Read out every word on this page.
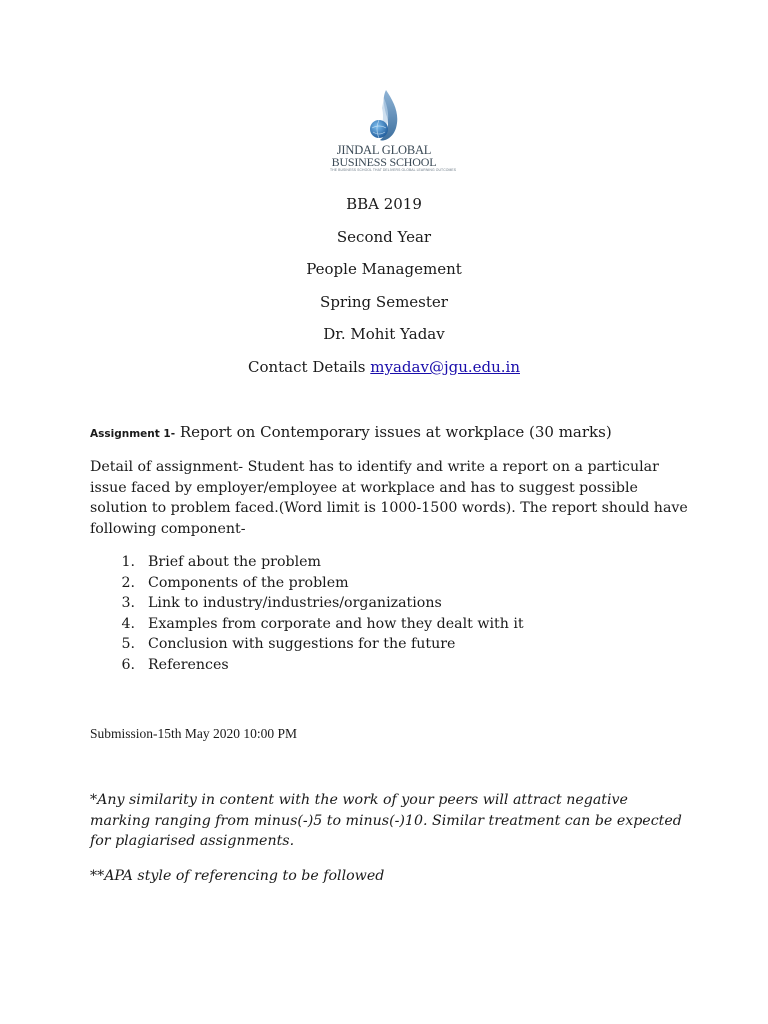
JINDAL GLOBAL
BUSINESS SCHOOL
THE BUSINESS SCHOOL THAT DELIVERS GLOBAL LEARNING OUTCOMES
BBA 2019
Second Year
People Management
Spring Semester
Dr. Mohit Yadav
Contact Details myadav@jgu.edu.in
Assignment 1- Report on Contemporary issues at workplace (30 marks)
Detail of assignment- Student has to identify and write a report on a particular issue faced by employer/employee at workplace and has to suggest possible solution to problem faced.(Word limit is 1000-1500 words). The report should have following component-
1. Brief about the problem
2. Components of the problem
3. Link to industry/industries/organizations
4. Examples from corporate and how they dealt with it
5. Conclusion with suggestions for the future
6. References
Submission-15th May 2020 10:00 PM
*Any similarity in content with the work of your peers will attract negative marking ranging from minus(-)5 to minus(-)10. Similar treatment can be expected for plagiarised assignments.
**APA style of referencing to be followed
